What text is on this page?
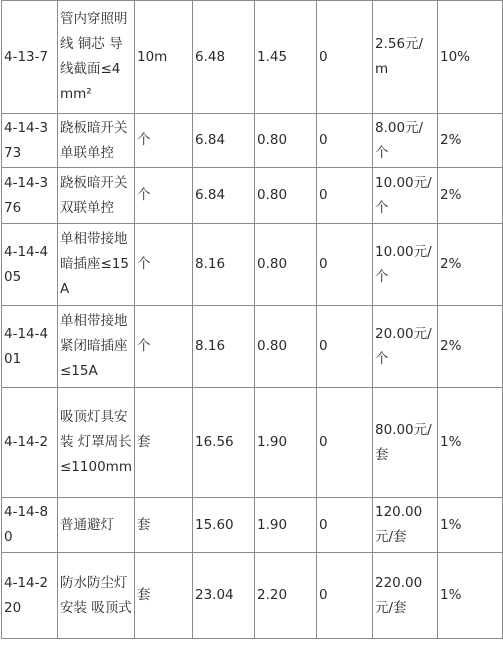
4-13-7	管内穿照明线 铜芯 导线截面≤4mm²	10m	6.48	1.45	0	2.56元/m	10%
4-14-373	跷板暗开关单联单控	个	6.84	0.80	0	8.00元/个	2%
4-14-376	跷板暗开关双联单控	个	6.84	0.80	0	10.00元/个	2%
4-14-405	单相带接地暗插座≤15A	个	8.16	0.80	0	10.00元/个	2%
4-14-401	单相带接地紧闭暗插座≤15A	个	8.16	0.80	0	20.00元/个	2%
4-14-2	吸顶灯具安装 灯罩周长≤1100mm	套	16.56	1.90	0	80.00元/套	1%
4-14-80	普通避灯	套	15.60	1.90	0	120.00元/套	1%
4-14-220	防水防尘灯安装 吸顶式	套	23.04	2.20	0	220.00元/套	1%
